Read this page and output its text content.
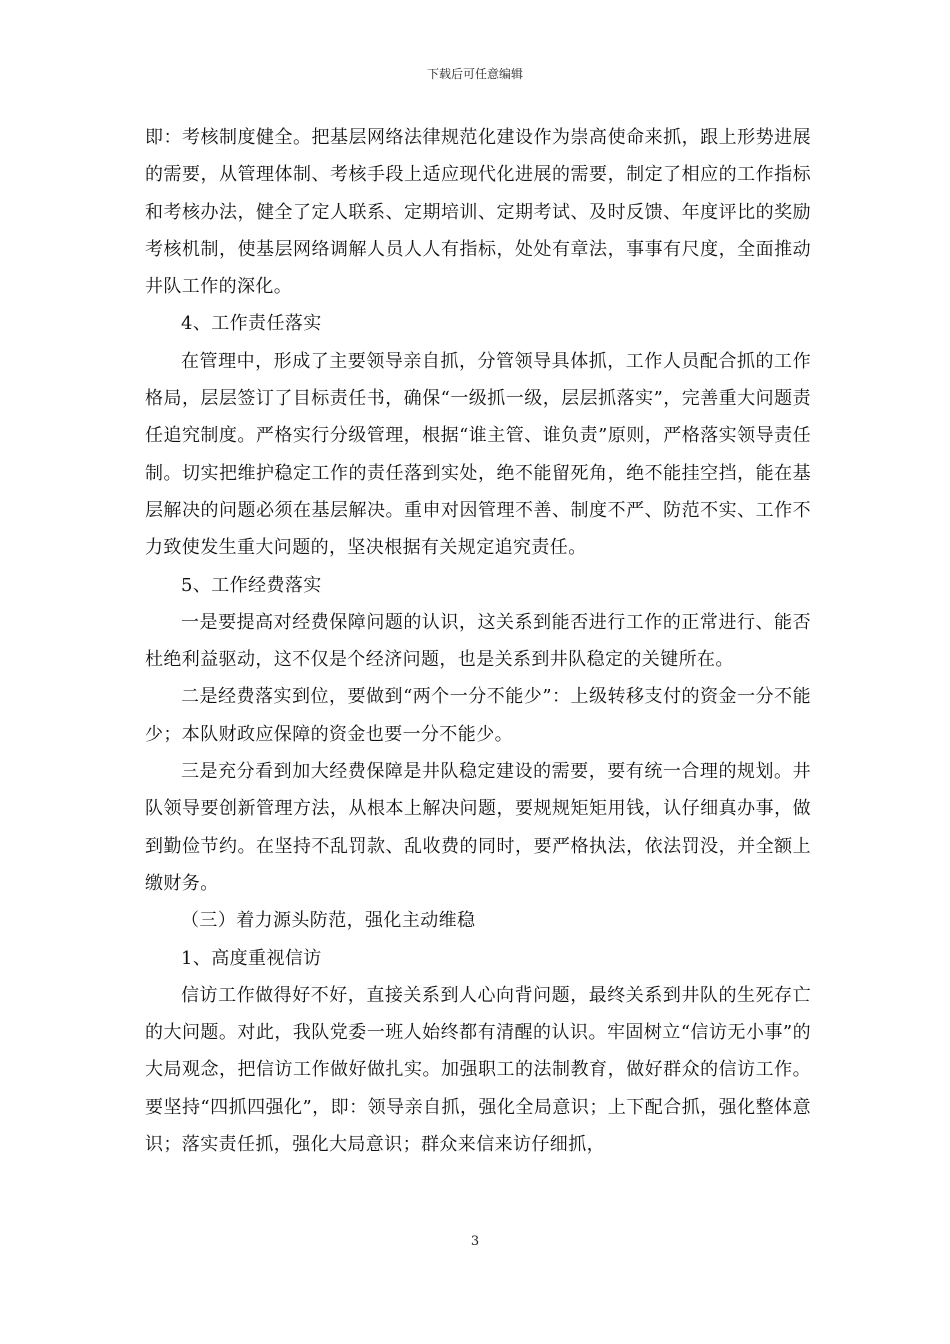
下载后可任意编辑

即：考核制度健全。把基层网络法律规范化建设作为崇高使命来抓，跟上形势进展的需要，从管理体制、考核手段上适应现代化进展的需要，制定了相应的工作指标和考核办法，健全了定人联系、定期培训、定期考试、及时反馈、年度评比的奖励考核机制，使基层网络调解人员人人有指标，处处有章法，事事有尺度，全面推动井队工作的深化。

4、工作责任落实

在管理中，形成了主要领导亲自抓，分管领导具体抓，工作人员配合抓的工作格局，层层签订了目标责任书，确保“一级抓一级，层层抓落实”，完善重大问题责任追究制度。严格实行分级管理，根据“谁主管、谁负责”原则，严格落实领导责任制。切实把维护稳定工作的责任落到实处，绝不能留死角，绝不能挂空挡，能在基层解决的问题必须在基层解决。重申对因管理不善、制度不严、防范不实、工作不力致使发生重大问题的，坚决根据有关规定追究责任。

5、工作经费落实

一是要提高对经费保障问题的认识，这关系到能否进行工作的正常进行、能否杜绝利益驱动，这不仅是个经济问题，也是关系到井队稳定的关键所在。

二是经费落实到位，要做到“两个一分不能少”：上级转移支付的资金一分不能少；本队财政应保障的资金也要一分不能少。

三是充分看到加大经费保障是井队稳定建设的需要，要有统一合理的规划。井队领导要创新管理方法，从根本上解决问题，要规规矩矩用钱，认仔细真办事，做到勤俭节约。在坚持不乱罚款、乱收费的同时，要严格执法，依法罚没，并全额上缴财务。

（三）着力源头防范，强化主动维稳

1、高度重视信访

信访工作做得好不好，直接关系到人心向背问题，最终关系到井队的生死存亡的大问题。对此，我队党委一班人始终都有清醒的认识。牢固树立“信访无小事”的大局观念，把信访工作做好做扎实。加强职工的法制教育，做好群众的信访工作。要坚持“四抓四强化”，即：领导亲自抓，强化全局意识；上下配合抓，强化整体意识；落实责任抓，强化大局意识；群众来信来访仔细抓，

3
